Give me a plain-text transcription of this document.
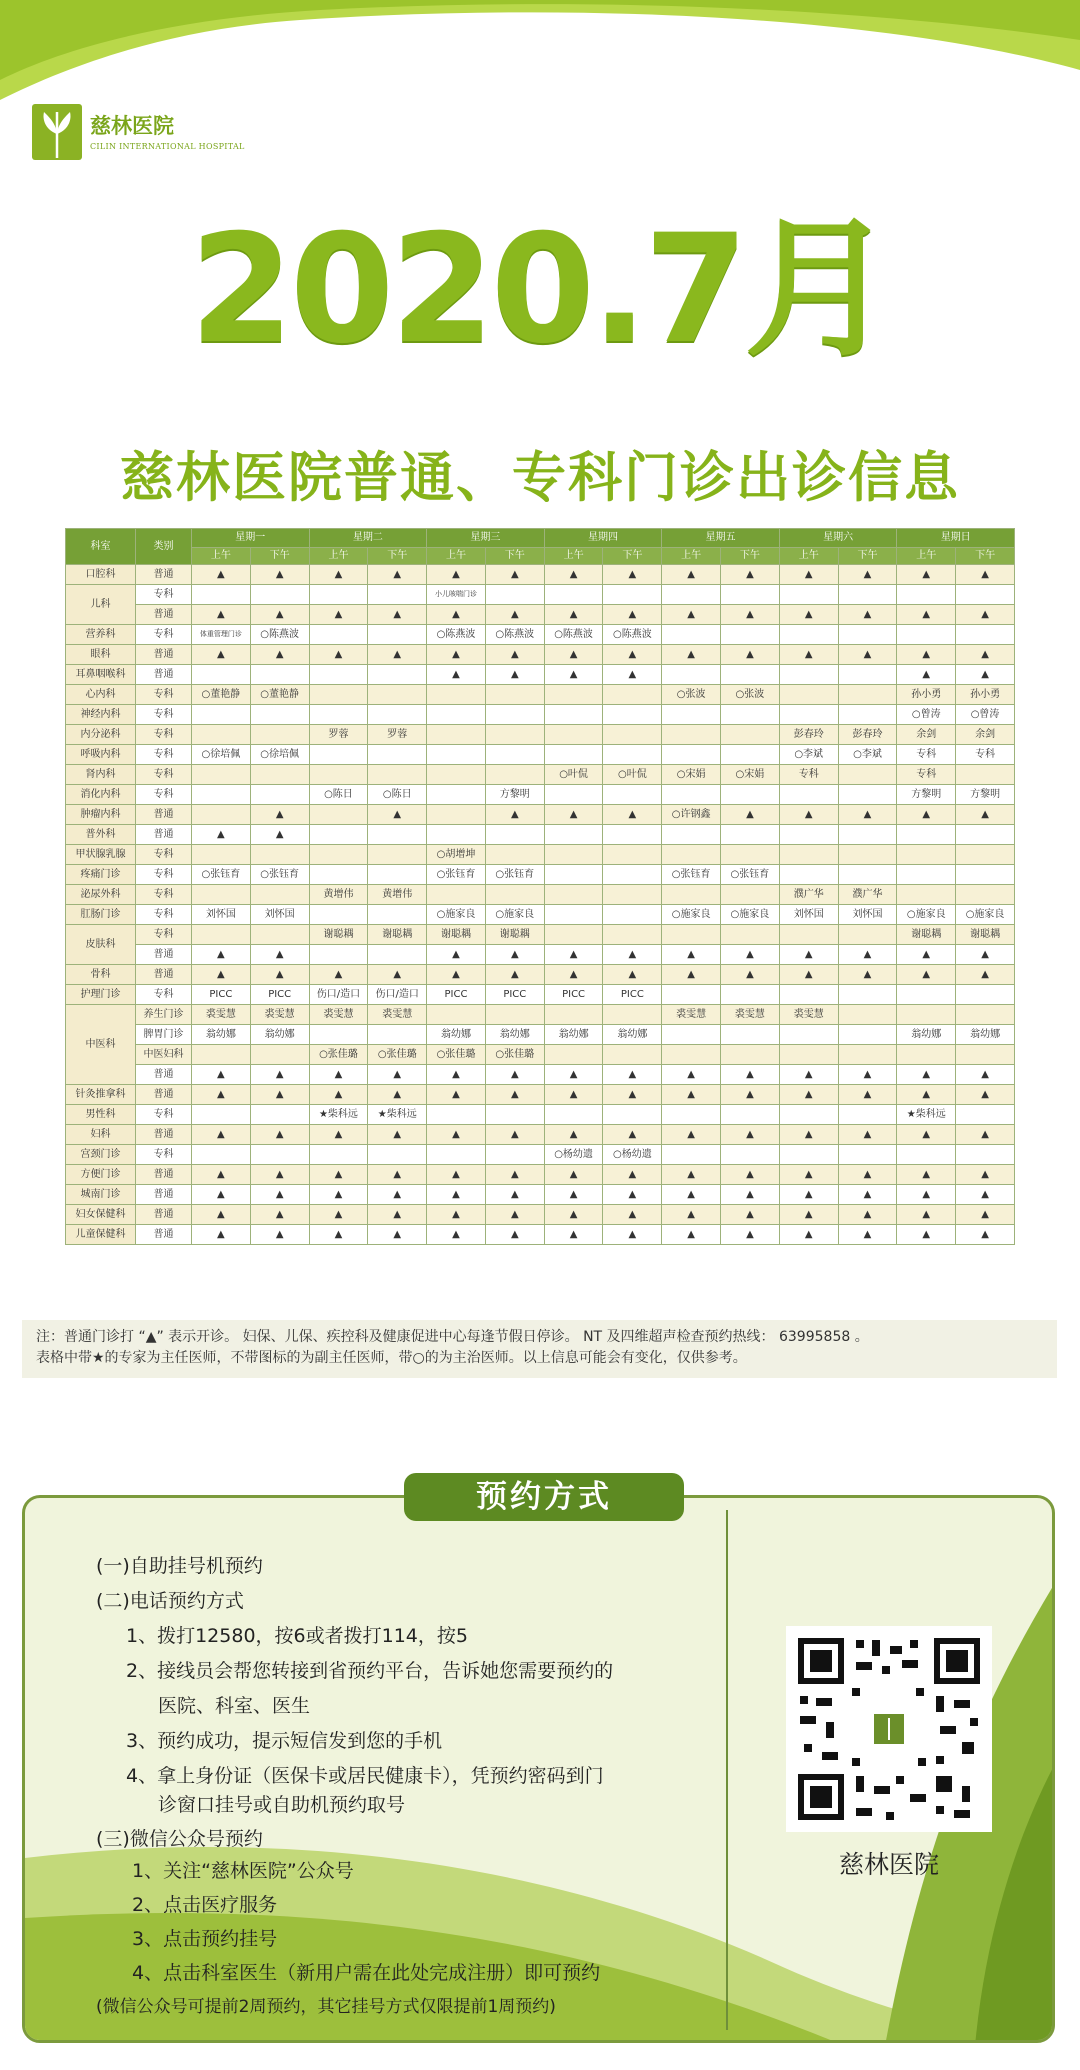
慈林医院
CILIN INTERNATIONAL HOSPITAL
2020.7月
慈林医院普通、专科门诊出诊信息
科室	类别	星期一		星期二		星期三		星期四		星期五		星期六		星期日	
		上午	下午	上午	下午	上午	下午	上午	下午	上午	下午	上午	下午	上午	下午
口腔科	普通	▲	▲	▲	▲	▲	▲	▲	▲	▲	▲	▲	▲	▲	▲
儿科	专科					小儿咳喘门诊									
	普通	▲	▲	▲	▲	▲	▲	▲	▲	▲	▲	▲	▲	▲	▲
营养科	专科	体重管理门诊	○陈燕波			○陈燕波	○陈燕波	○陈燕波	○陈燕波						
眼科	普通	▲	▲	▲	▲	▲	▲	▲	▲	▲	▲	▲	▲	▲	▲
耳鼻咽喉科	普通					▲	▲	▲	▲					▲	▲
心内科	专科	○董艳静	○董艳静							○张波	○张波			孙小勇	孙小勇
神经内科	专科													○曾涛	○曾涛
内分泌科	专科			罗蓉	罗蓉							彭春玲	彭春玲	余剑	余剑
呼吸内科	专科	○徐培佩	○徐培佩									○李斌	○李斌	专科	专科
肾内科	专科							○叶侃	○叶侃	○宋娟	○宋娟	专科		专科	
消化内科	专科			○陈日	○陈日		方黎明							方黎明	方黎明
肿瘤内科	普通		▲		▲		▲	▲	▲	○许钢鑫	▲	▲	▲	▲	▲
普外科	普通	▲	▲												
甲状腺乳腺	专科					○胡增坤									
疼痛门诊	专科	○张钰育	○张钰育			○张钰育	○张钰育			○张钰育	○张钰育				
泌尿外科	专科			黄增伟	黄增伟							濮广华	濮广华		
肛肠门诊	专科	刘怀国	刘怀国			○施家良	○施家良			○施家良	○施家良	刘怀国	刘怀国	○施家良	○施家良
皮肤科	专科			谢聪耦	谢聪耦	谢聪耦	谢聪耦							谢聪耦	谢聪耦
	普通	▲	▲			▲	▲	▲	▲	▲	▲	▲	▲	▲	▲
骨科	普通	▲	▲	▲	▲	▲	▲	▲	▲	▲	▲	▲	▲	▲	▲
护理门诊	专科	PICC	PICC	伤口/造口	伤口/造口	PICC	PICC	PICC	PICC						
中医科	养生门诊	裘雯慧	裘雯慧	裘雯慧	裘雯慧					裘雯慧	裘雯慧	裘雯慧			
	脾胃门诊	翁幼娜	翁幼娜			翁幼娜	翁幼娜	翁幼娜	翁幼娜					翁幼娜	翁幼娜
	中医妇科			○张佳璐	○张佳璐	○张佳璐	○张佳璐								
	普通	▲	▲	▲	▲	▲	▲	▲	▲	▲	▲	▲	▲	▲	▲
针灸推拿科	普通	▲	▲	▲	▲	▲	▲	▲	▲	▲	▲	▲	▲	▲	▲
男性科	专科			★柴科远	★柴科远									★柴科远	
妇科	普通	▲	▲	▲	▲	▲	▲	▲	▲	▲	▲	▲	▲	▲	▲
宫颈门诊	专科							○杨幼遗	○杨幼遗						
方便门诊	普通	▲	▲	▲	▲	▲	▲	▲	▲	▲	▲	▲	▲	▲	▲
城南门诊	普通	▲	▲	▲	▲	▲	▲	▲	▲	▲	▲	▲	▲	▲	▲
妇女保健科	普通	▲	▲	▲	▲	▲	▲	▲	▲	▲	▲	▲	▲	▲	▲
儿童保健科	普通	▲	▲	▲	▲	▲	▲	▲	▲	▲	▲	▲	▲	▲	▲
注：普通门诊打 “▲” 表示开诊。 妇保、儿保、疾控科及健康促进中心每逢节假日停诊。 NT 及四维超声检查预约热线： 63995858 。
表格中带★的专家为主任医师，不带图标的为副主任医师，带○的为主治医师。以上信息可能会有变化，仅供参考。
预约方式
(一)自助挂号机预约
(二)电话预约方式
1、拨打12580，按6或者拨打114，按5
2、接线员会帮您转接到省预约平台，告诉她您需要预约的
医院、科室、医生
3、预约成功，提示短信发到您的手机
4、拿上身份证（医保卡或居民健康卡），凭预约密码到门
诊窗口挂号或自助机预约取号
(三)微信公众号预约
1、关注“慈林医院”公众号
2、点击医疗服务
3、点击预约挂号
4、点击科室医生（新用户需在此处完成注册）即可预约
(微信公众号可提前2周预约，其它挂号方式仅限提前1周预约)
慈林医院
